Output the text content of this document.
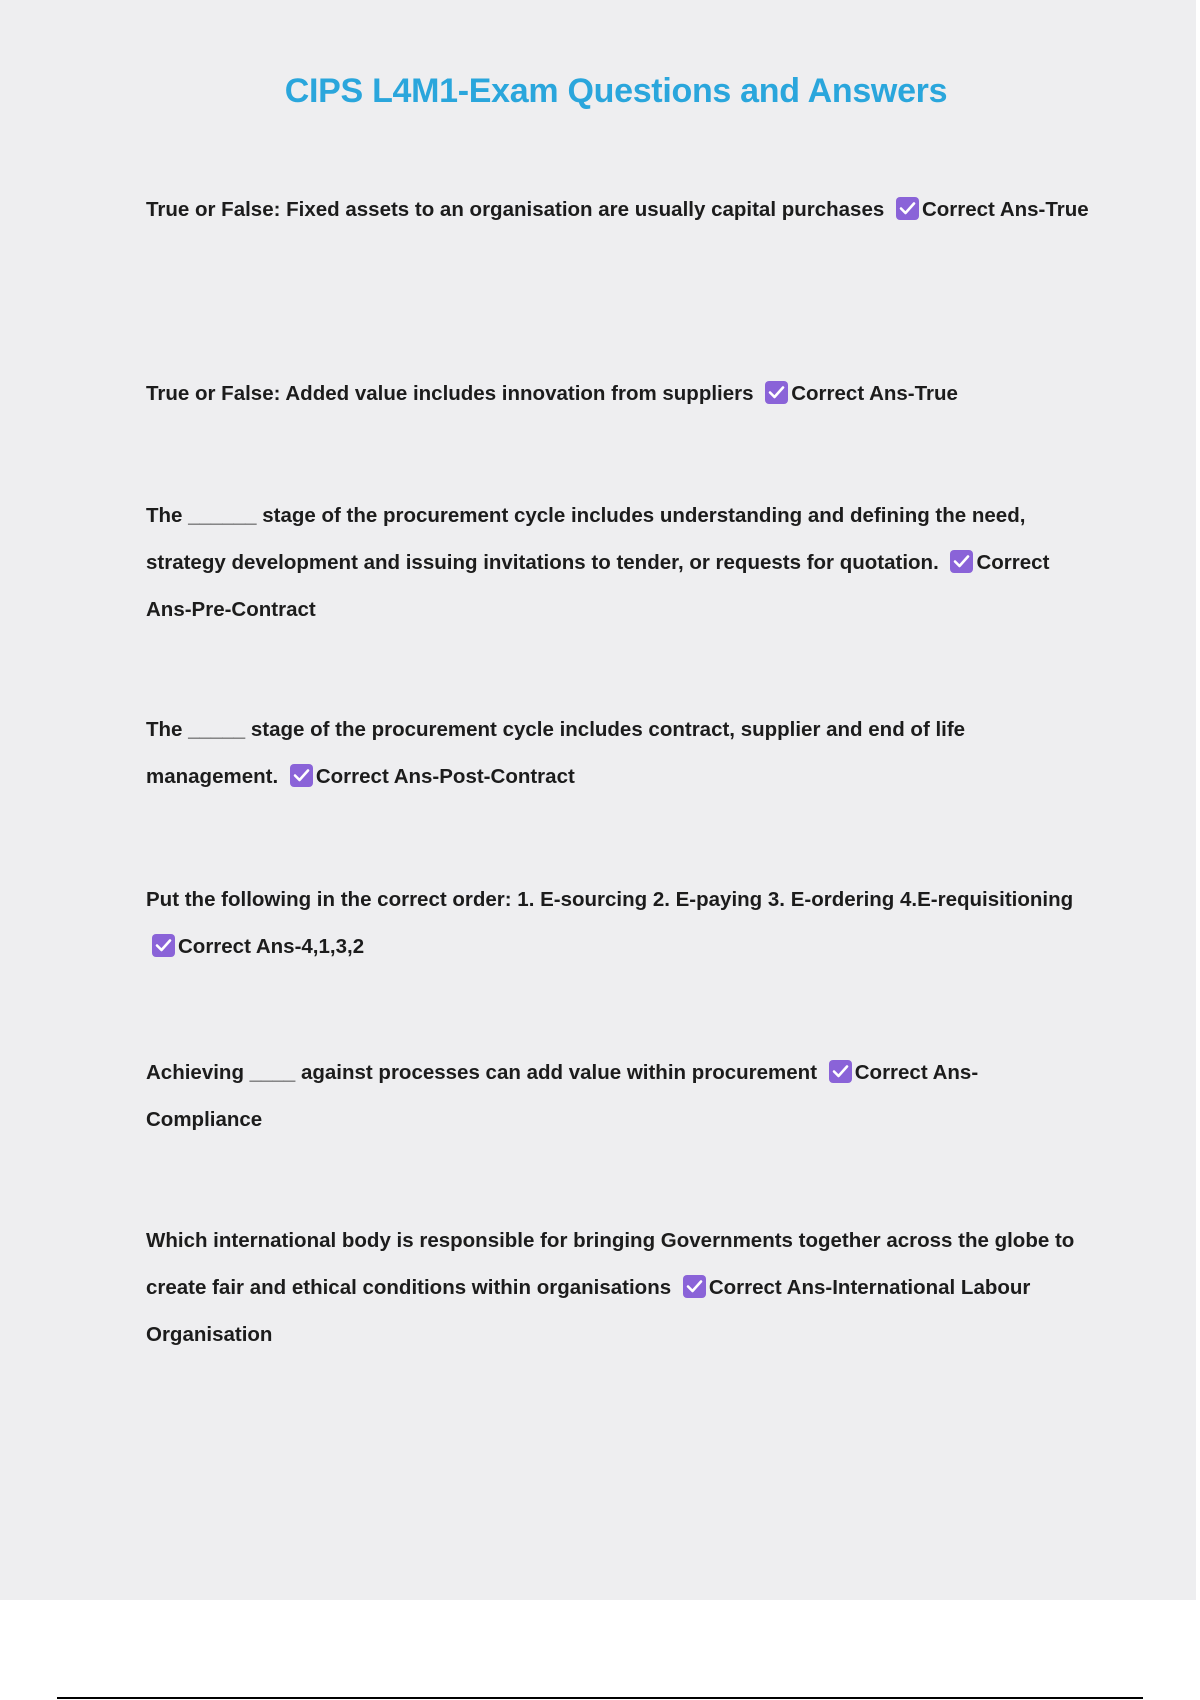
CIPS L4M1-Exam Questions and Answers

True or False: Fixed assets to an organisation are usually capital purchases Correct Ans-True

True or False: Added value includes innovation from suppliers Correct Ans-True

The ______ stage of the procurement cycle includes understanding and defining the need, strategy development and issuing invitations to tender, or requests for quotation. Correct Ans-Pre-Contract

The _____ stage of the procurement cycle includes contract, supplier and end of life management. Correct Ans-Post-Contract

Put the following in the correct order: 1. E-sourcing 2. E-paying 3. E-ordering 4.E-requisitioning
Correct Ans-4,1,3,2

Achieving ____ against processes can add value within procurement Correct Ans-Compliance

Which international body is responsible for bringing Governments together across the globe to create fair and ethical conditions within organisations Correct Ans-International Labour Organisation
